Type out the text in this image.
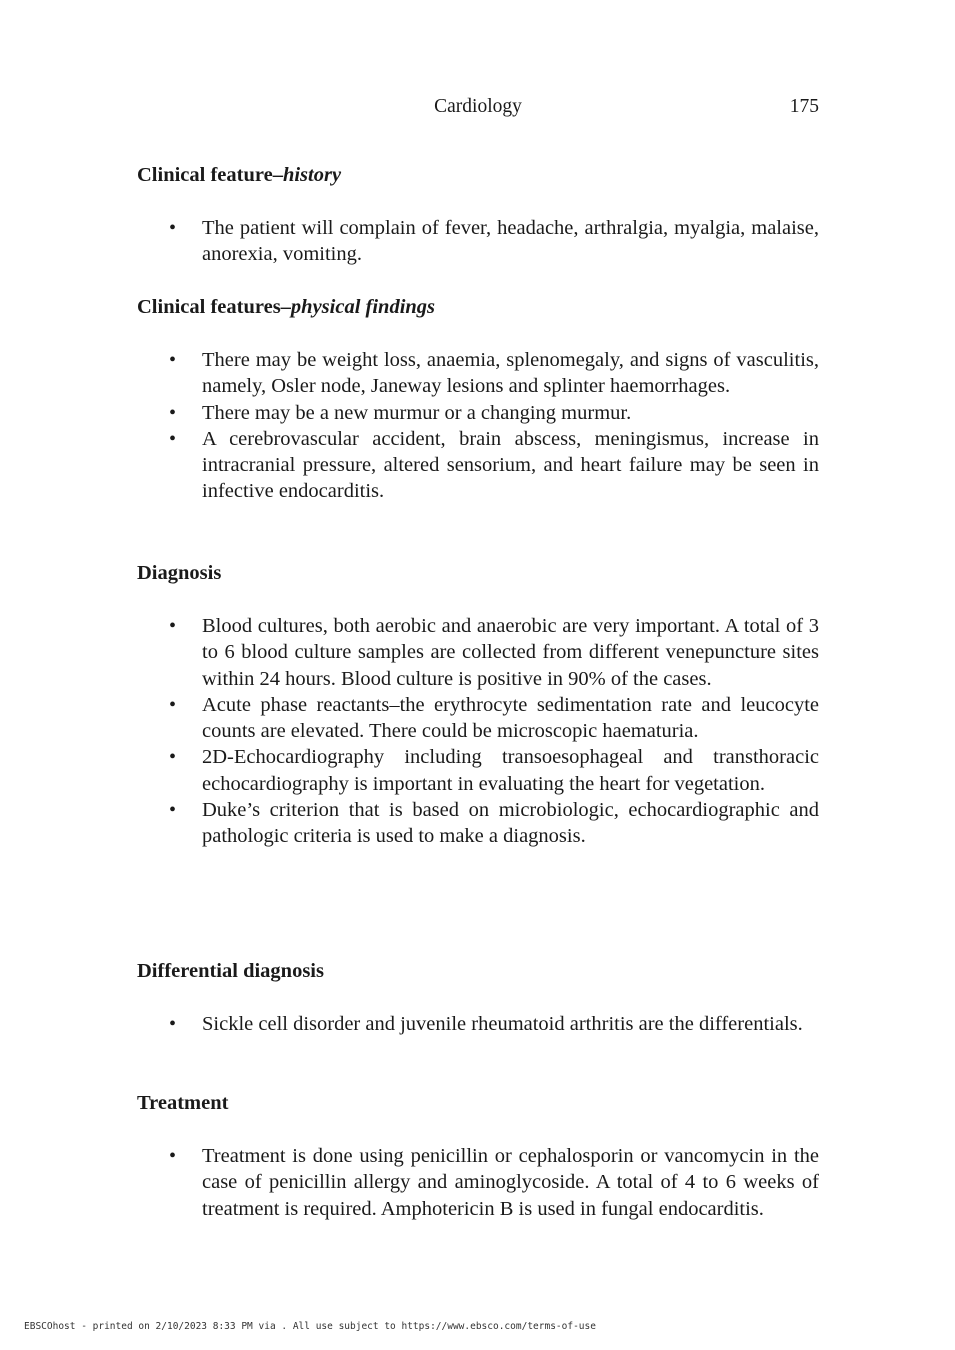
Cardiology	175
Clinical feature–history
• The patient will complain of fever, headache, arthralgia, myalgia, malaise, anorexia, vomiting.
Clinical features–physical findings
• There may be weight loss, anaemia, splenomegaly, and signs of vasculitis, namely, Osler node, Janeway lesions and splinter haemorrhages.
• There may be a new murmur or a changing murmur.
• A cerebrovascular accident, brain abscess, meningismus, increase in intracranial pressure, altered sensorium, and heart failure may be seen in infective endocarditis.
Diagnosis
• Blood cultures, both aerobic and anaerobic are very important. A total of 3 to 6 blood culture samples are collected from different venepuncture sites within 24 hours. Blood culture is positive in 90% of the cases.
• Acute phase reactants–the erythrocyte sedimentation rate and leucocyte counts are elevated. There could be microscopic haematuria.
• 2D-Echocardiography including transoesophageal and transthoracic echocardiography is important in evaluating the heart for vegetation.
• Duke’s criterion that is based on microbiologic, echocardiographic and pathologic criteria is used to make a diagnosis.
Differential diagnosis
• Sickle cell disorder and juvenile rheumatoid arthritis are the differentials.
Treatment
• Treatment is done using penicillin or cephalosporin or vancomycin in the case of penicillin allergy and aminoglycoside. A total of 4 to 6 weeks of treatment is required. Amphotericin B is used in fungal endocarditis.
EBSCOhost - printed on 2/10/2023 8:33 PM via . All use subject to https://www.ebsco.com/terms-of-use
